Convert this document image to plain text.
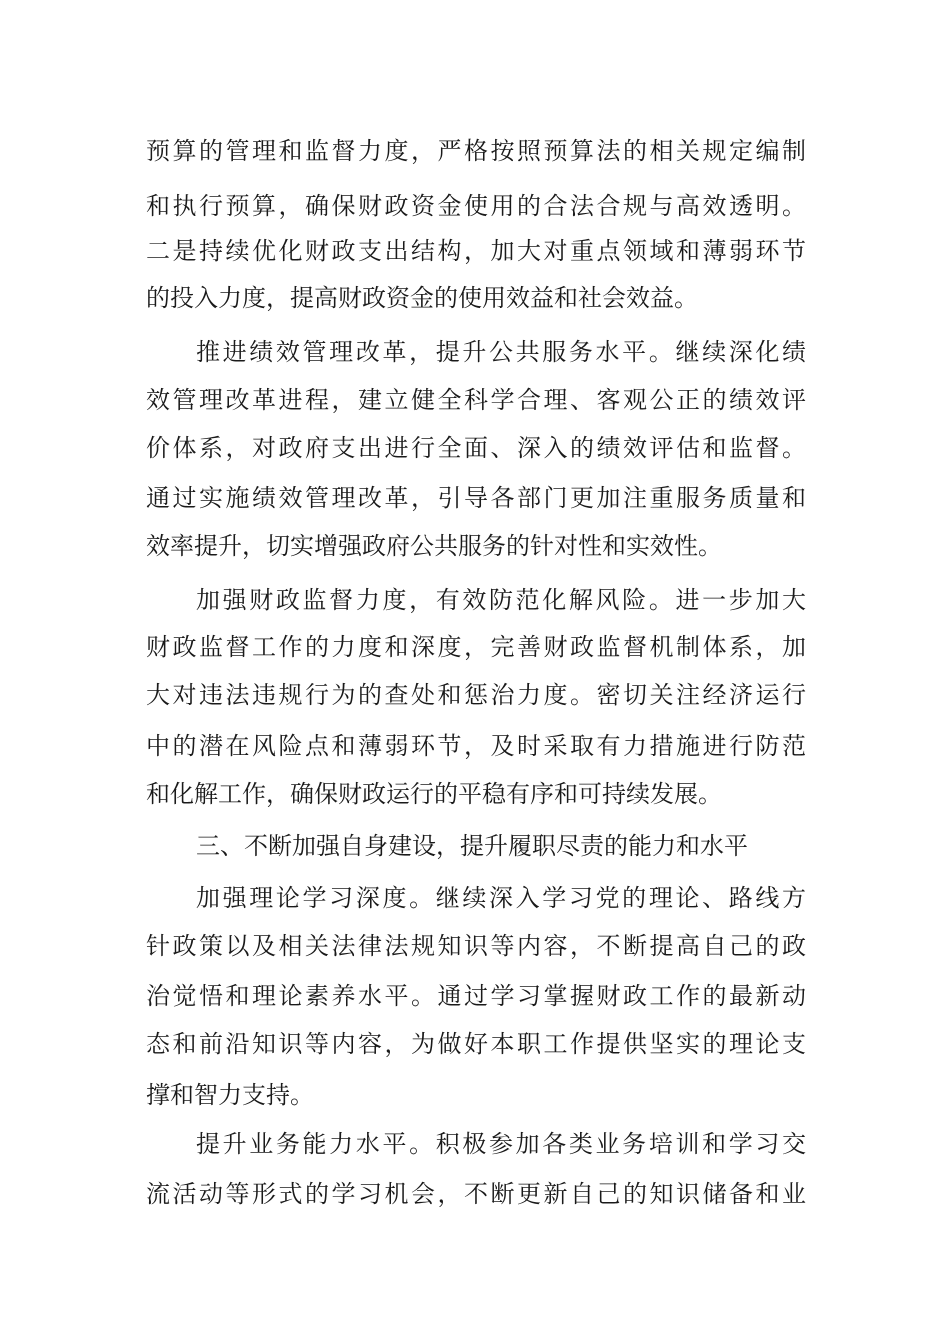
预算的管理和监督力度，严格按照预算法的相关规定编制
和执行预算，确保财政资金使用的合法合规与高效透明。
二是持续优化财政支出结构，加大对重点领域和薄弱环节
的投入力度，提高财政资金的使用效益和社会效益。
推进绩效管理改革，提升公共服务水平。继续深化绩
效管理改革进程，建立健全科学合理、客观公正的绩效评
价体系，对政府支出进行全面、深入的绩效评估和监督。
通过实施绩效管理改革，引导各部门更加注重服务质量和
效率提升，切实增强政府公共服务的针对性和实效性。
加强财政监督力度，有效防范化解风险。进一步加大
财政监督工作的力度和深度，完善财政监督机制体系，加
大对违法违规行为的查处和惩治力度。密切关注经济运行
中的潜在风险点和薄弱环节，及时采取有力措施进行防范
和化解工作，确保财政运行的平稳有序和可持续发展。
三、不断加强自身建设，提升履职尽责的能力和水平
加强理论学习深度。继续深入学习党的理论、路线方
针政策以及相关法律法规知识等内容，不断提高自己的政
治觉悟和理论素养水平。通过学习掌握财政工作的最新动
态和前沿知识等内容，为做好本职工作提供坚实的理论支
撑和智力支持。
提升业务能力水平。积极参加各类业务培训和学习交
流活动等形式的学习机会，不断更新自己的知识储备和业
